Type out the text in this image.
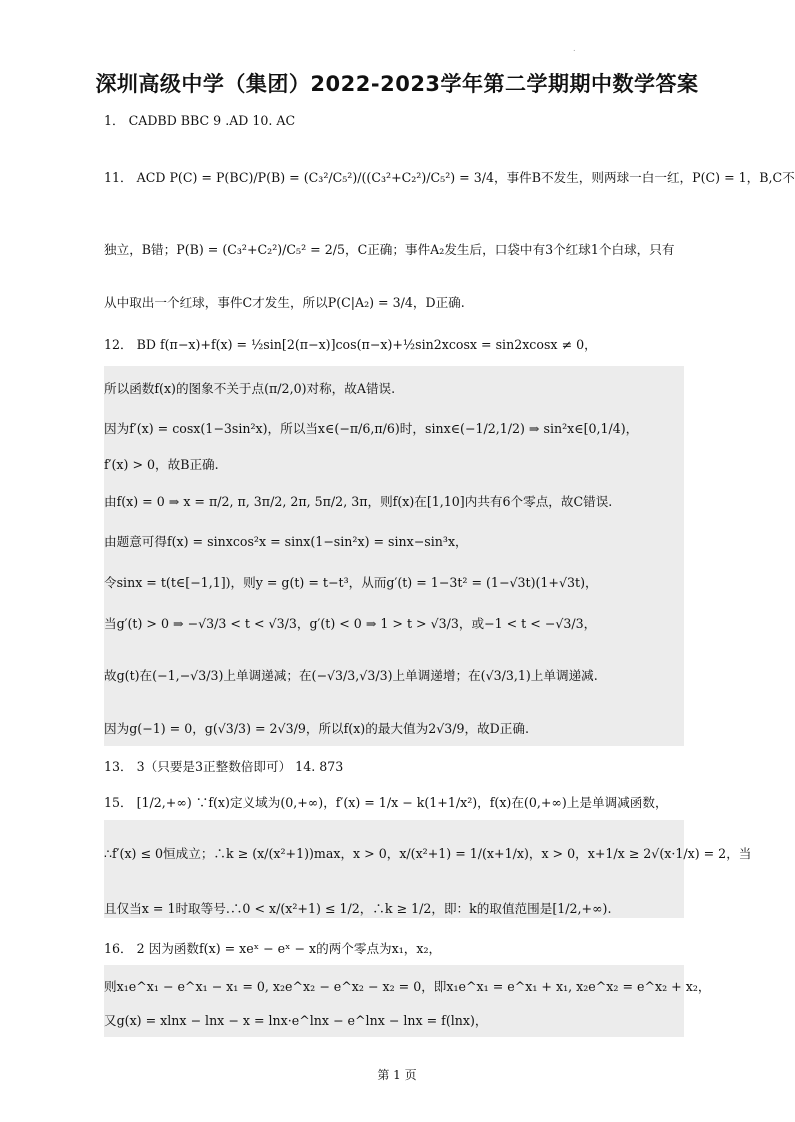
.
深圳高级中学（集团）2022-2023学年第二学期期中数学答案
1． CADBD BBC 9 .AD 10. AC
11． ACD P(C) = P(BC)/P(B) = (C₃²/C₅²)/((C₃²+C₂²)/C₅²) = 3/4，事件B不发生，则两球一白一红，P(C) = 1，B,C不
独立，B错；P(B) = (C₃²+C₂²)/C₅² = 2/5，C正确；事件A₂发生后，口袋中有3个红球1个白球，只有
从中取出一个红球，事件C才发生，所以P(C|A₂) = 3/4，D正确.
12． BD f(π−x)+f(x) = ½sin[2(π−x)]cos(π−x)+½sin2xcosx = sin2xcosx ≠ 0，
所以函数f(x)的图象不关于点(π/2,0)对称，故A错误.
因为f′(x) = cosx(1−3sin²x)，所以当x∈(−π/6,π/6)时，sinx∈(−1/2,1/2) ⇒ sin²x∈[0,1/4)，
f′(x) > 0，故B正确.
由f(x) = 0 ⇒ x = π/2, π, 3π/2, 2π, 5π/2, 3π，则f(x)在[1,10]内共有6个零点，故C错误.
由题意可得f(x) = sinxcos²x = sinx(1−sin²x) = sinx−sin³x，
令sinx = t(t∈[−1,1])，则y = g(t) = t−t³，从而g′(t) = 1−3t² = (1−√3t)(1+√3t)，
当g′(t) > 0 ⇒ −√3/3 < t < √3/3，g′(t) < 0 ⇒ 1 > t > √3/3，或−1 < t < −√3/3，
故g(t)在(−1,−√3/3)上单调递减；在(−√3/3,√3/3)上单调递增；在(√3/3,1)上单调递减.
因为g(−1) = 0，g(√3/3) = 2√3/9，所以f(x)的最大值为2√3/9，故D正确.
13． 3（只要是3正整数倍即可） 14. 873
15． [1/2,+∞) ∵f(x)定义域为(0,+∞)，f′(x) = 1/x − k(1+1/x²)，f(x)在(0,+∞)上是单调减函数，
∴f′(x) ≤ 0恒成立；∴k ≥ (x/(x²+1))max，x > 0，x/(x²+1) = 1/(x+1/x)，x > 0，x+1/x ≥ 2√(x·1/x) = 2，当
且仅当x = 1时取等号.∴0 < x/(x²+1) ≤ 1/2，∴k ≥ 1/2，即：k的取值范围是[1/2,+∞).
16． 2 因为函数f(x) = xeˣ − eˣ − x的两个零点为x₁，x₂，
则x₁e^x₁ − e^x₁ − x₁ = 0, x₂e^x₂ − e^x₂ − x₂ = 0，即x₁e^x₁ = e^x₁ + x₁, x₂e^x₂ = e^x₂ + x₂，
又g(x) = xlnx − lnx − x = lnx·e^lnx − e^lnx − lnx = f(lnx)，
第 1 页
